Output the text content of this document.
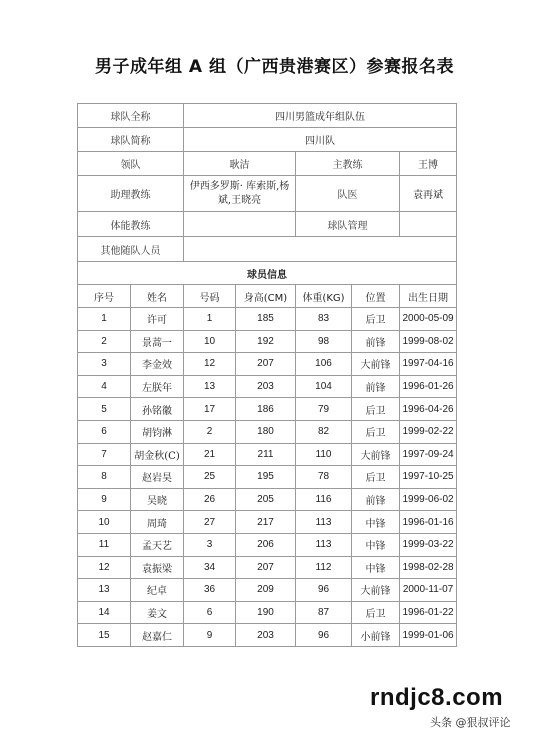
男子成年组 A 组（广西贵港赛区）参赛报名表
球队全称		四川男篮成年组队伍				
球队简称		四川队				
领队		耿洁		主教练		王博
助理教练		伊西多罗斯· 库索斯,杨斌,王晓亮		队医		袁再斌
体能教练				球队管理		
其他随队人员						
球员信息						
序号	姓名	号码	身高(CM)	体重(KG)	位置	出生日期
1	许可	1	185	83	后卫	2000-05-09
2	景蒿一	10	192	98	前锋	1999-08-02
3	李金效	12	207	106	大前锋	1997-04-16
4	左朕年	13	203	104	前锋	1996-01-26
5	孙铭徽	17	186	79	后卫	1996-04-26
6	胡钧淋	2	180	82	后卫	1999-02-22
7	胡金秋(C)	21	211	110	大前锋	1997-09-24
8	赵岩昊	25	195	78	后卫	1997-10-25
9	吴晓	26	205	116	前锋	1999-06-02
10	周琦	27	217	113	中锋	1996-01-16
11	孟天艺	3	206	113	中锋	1999-03-22
12	袁振梁	34	207	112	中锋	1998-02-28
13	纪卓	36	209	96	大前锋	2000-11-07
14	姜文	6	190	87	后卫	1996-01-22
15	赵嘉仁	9	203	96	小前锋	1999-01-06
rndjc8.com
头条 @狠叔评论
